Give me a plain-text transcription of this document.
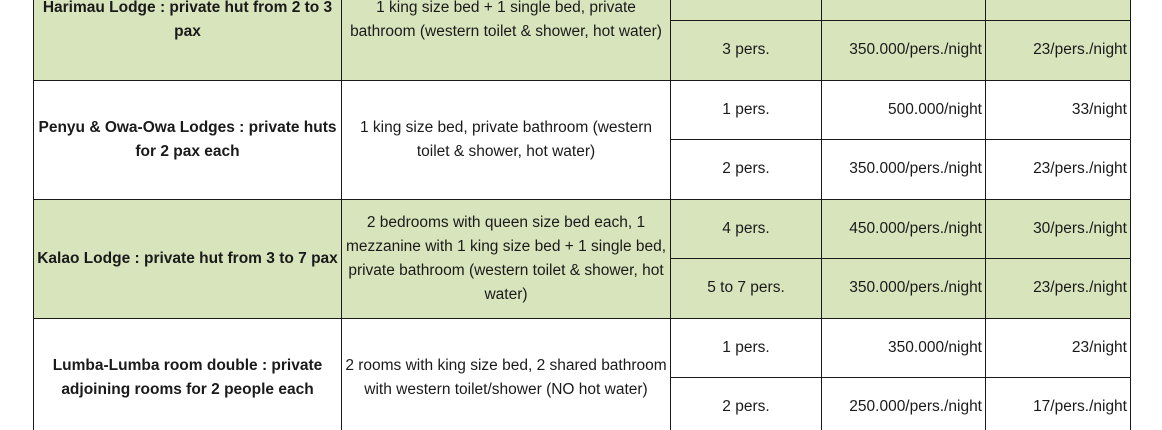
Harimau Lodge : private hut from 2 to 3 pax	1 king size bed + 1 single bed, private bathroom (western toilet & shower, hot water)			
		3 pers.	350.000/pers./night	23/pers./night
Penyu & Owa-Owa Lodges : private huts for 2 pax each	1 king size bed, private bathroom (western toilet & shower, hot water)	1 pers.	500.000/night	33/night
		2 pers.	350.000/pers./night	23/pers./night
Kalao Lodge : private hut from 3 to 7 pax	2 bedrooms with queen size bed each, 1 mezzanine with 1 king size bed + 1 single bed, private bathroom (western toilet & shower, hot water)	4 pers.	450.000/pers./night	30/pers./night
		5 to 7 pers.	350.000/pers./night	23/pers./night
Lumba-Lumba room double : private adjoining rooms for 2 people each	2 rooms with king size bed, 2 shared bathroom with western toilet/shower (NO hot water)	1 pers.	350.000/night	23/night
		2 pers.	250.000/pers./night	17/pers./night
